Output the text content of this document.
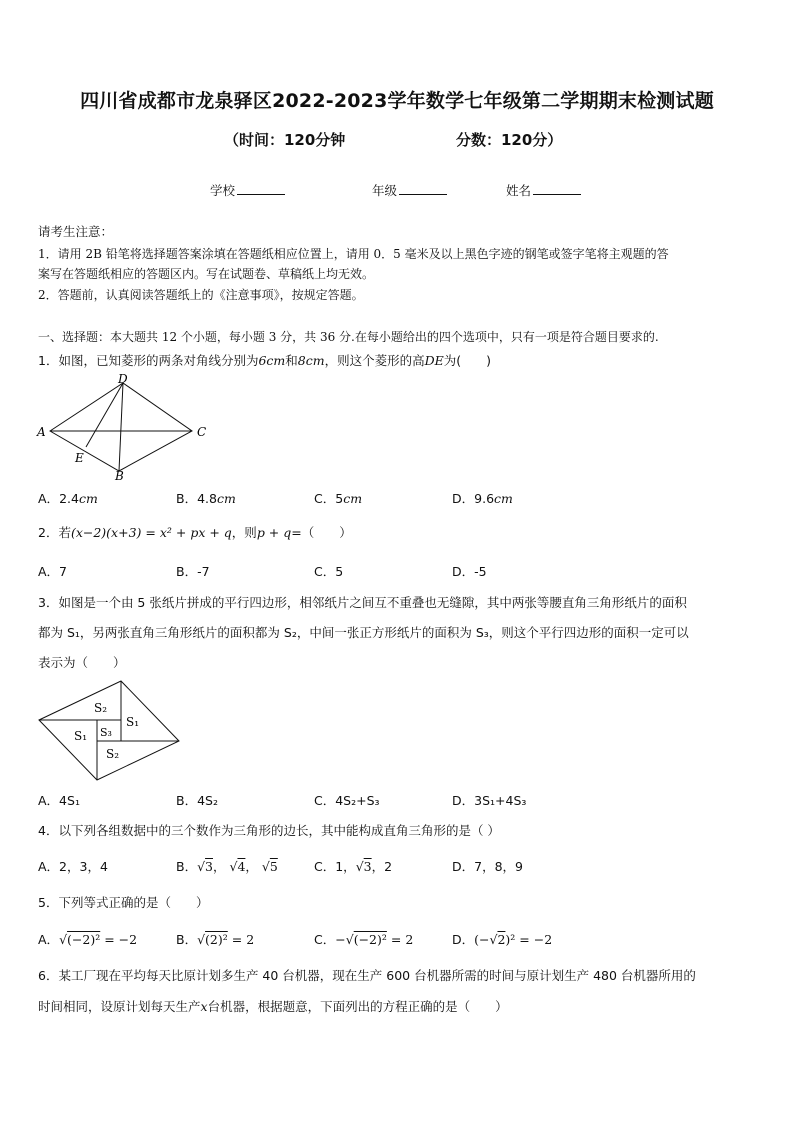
四川省成都市龙泉驿区2022-2023学年数学七年级第二学期期末检测试题
（时间：120分钟	分数：120分）
学校	年级	姓名
请考生注意：
1．请用 2B 铅笔将选择题答案涂填在答题纸相应位置上，请用 0．5 毫米及以上黑色字迹的钢笔或签字笔将主观题的答
案写在答题纸相应的答题区内。写在试题卷、草稿纸上均无效。
2．答题前，认真阅读答题纸上的《注意事项》，按规定答题。
一、选择题：本大题共 12 个小题，每小题 3 分，共 36 分.在每小题给出的四个选项中，只有一项是符合题目要求的.
1．如图，已知菱形的两条对角线分别为6cm和8cm，则这个菱形的高DE为(　　)
D
A	C
E
B
A．2.4cm	B．4.8cm	C．5cm	D．9.6cm
2．若(x−2)(x+3) = x² + px + q，则p + q=（　　）
A．7	B．-7	C．5	D．-5
3．如图是一个由 5 张纸片拼成的平行四边形，相邻纸片之间互不重叠也无缝隙，其中两张等腰直角三角形纸片的面积
都为 S₁，另两张直角三角形纸片的面积都为 S₂，中间一张正方形纸片的面积为 S₃，则这个平行四边形的面积一定可以
表示为（　　）
S₂
S₁
S₃
S₁
S₂
A．4S₁	B．4S₂	C．4S₂+S₃	D．3S₁+4S₃
4．以下列各组数据中的三个数作为三角形的边长，其中能构成直角三角形的是（ ）
A．2，3，4	B．√3， √4， √5	C．1，√3，2	D．7，8，9
5．下列等式正确的是（　　）
A．√(−2)² = −2	B．√(2)² = 2	C．−√(−2)² = 2	D．(−√2)² = −2
6．某工厂现在平均每天比原计划多生产 40 台机器，现在生产 600 台机器所需的时间与原计划生产 480 台机器所用的
时间相同，设原计划每天生产x台机器，根据题意，下面列出的方程正确的是（　　）
